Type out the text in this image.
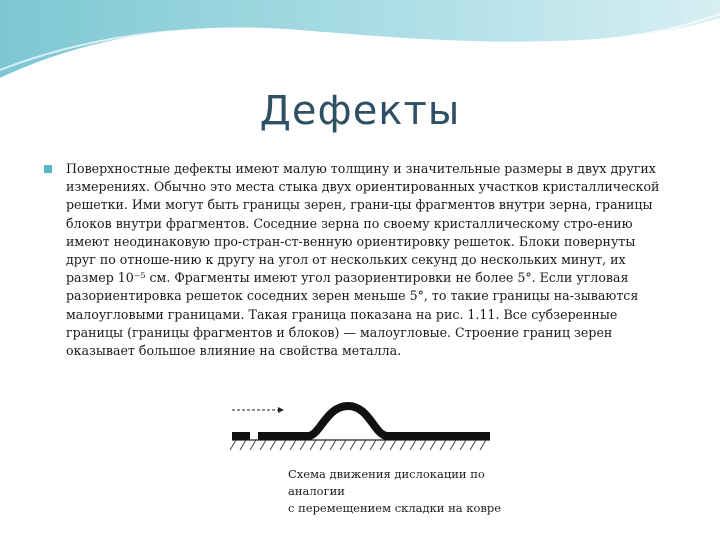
Дефекты
Поверхностные дефекты имеют малую толщину и значительные размеры в двух других измерениях. Обычно это места стыка двух ориентированных участков кристаллической решетки. Ими могут быть границы зерен, грани-цы фрагментов внутри зерна, границы блоков внутри фрагментов. Соседние зерна по своему кристаллическому стро-ению имеют неодинаковую про-стран-ст-венную ориентировку решеток. Блоки повернуты друг по отноше-нию к другу на угол от нескольких секунд до нескольких минут, их размер 10⁻⁵ см. Фрагменты имеют угол разориентировки не более 5°. Если угловая разориентировка решеток соседних зерен меньше 5°, то такие границы на-зываются малоугловыми границами. Такая граница показана на рис. 1.11. Все субзеренные границы (границы фрагментов и блоков) — малоугловые. Строение границ зерен оказывает большое влияние на свойства металла.
Схема движения дислокации по
аналогии
с перемещением складки на ковре
